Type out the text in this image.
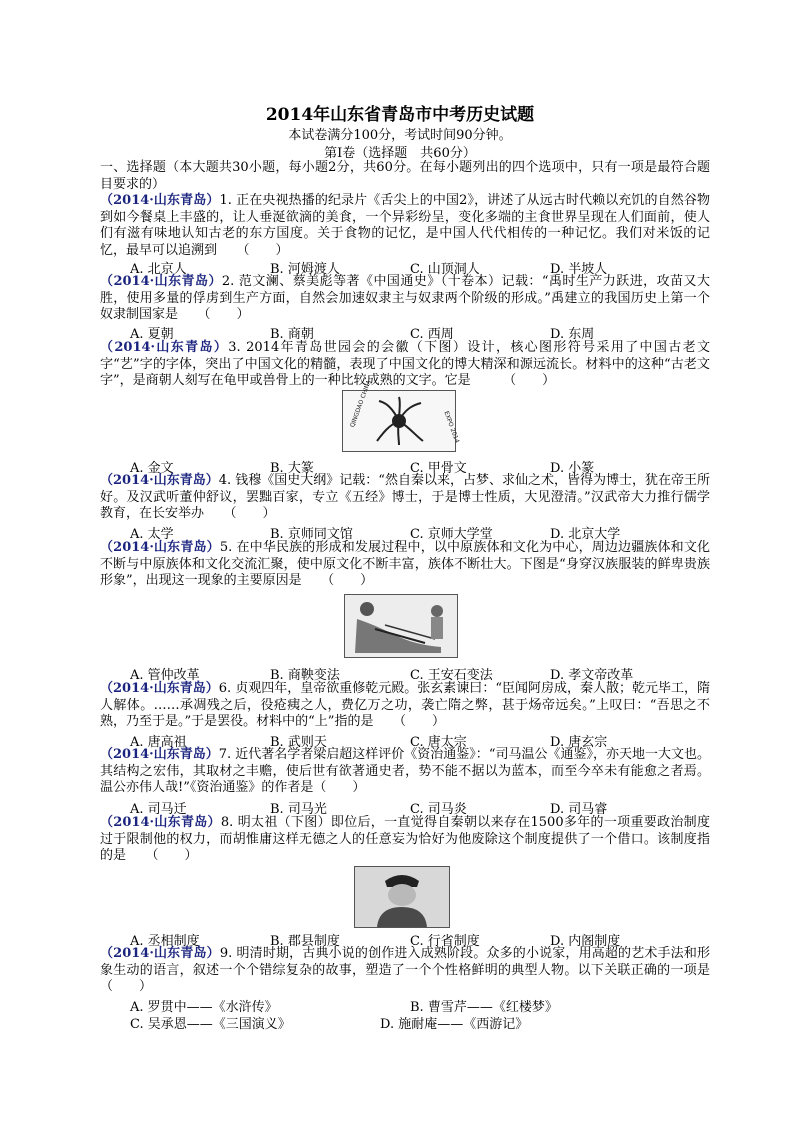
2014年山东省青岛市中考历史试题
本试卷满分100分，考试时间90分钟。
第Ⅰ卷（选择题　共60分）
一、选择题（本大题共30小题，每小题2分，共60分。在每小题列出的四个选项中，只有一项是最符合题目要求的）
（2014·山东青岛）1. 正在央视热播的纪录片《舌尖上的中国2》，讲述了从远古时代赖以充饥的自然谷物到如今餐桌上丰盛的，让人垂涎欲滴的美食，一个异彩纷呈，变化多端的主食世界呈现在人们面前，使人们有滋有味地认知古老的东方国度。关于食物的记忆，是中国人代代相传的一种记忆。我们对米饭的记忆，最早可以追溯到　　（　　）
A. 北京人	B. 河姆渡人	C. 山顶洞人	D. 半坡人
（2014·山东青岛）2. 范文澜、蔡美彪等著《中国通史》（十卷本）记载：“禹时生产力跃进，攻苗又大胜，使用多量的俘虏到生产方面，自然会加速奴隶主与奴隶两个阶级的形成。”禹建立的我国历史上第一个奴隶制国家是　　（　　）
A. 夏朝	B. 商朝	C. 西周	D. 东周
（2014·山东青岛）3. 2014年青岛世园会的会徽（下图）设计，核心图形符号采用了中国古老文字“艺”字的字体，突出了中国文化的精髓，表现了中国文化的博大精深和源远流长。材料中的这种“古老文字”，是商朝人刻写在龟甲或兽骨上的一种比较成熟的文字。它是　　　（　　）
QINGDAO CHINA	EXPO 2014
A. 金文	B. 大篆	C. 甲骨文	D. 小篆
（2014·山东青岛）4. 钱穆《国史大纲》记载：“然自秦以来，占梦、求仙之术，皆得为博士，犹在帝王所好。及汉武听董仲舒议，罢黜百家，专立《五经》博士，于是博士性质，大见澄清。”汉武帝大力推行儒学教育，在长安举办　　（　　）
A. 太学	B. 京师同文馆	C. 京师大学堂	D. 北京大学
（2014·山东青岛）5. 在中华民族的形成和发展过程中，以中原族体和文化为中心，周边边疆族体和文化不断与中原族体和文化交流汇聚，使中原文化不断丰富，族体不断壮大。下图是“身穿汉族服装的鲜卑贵族形象”，出现这一现象的主要原因是　　（　　）
A. 管仲改革	B. 商鞅变法	C. 王安石变法	D. 孝文帝改革
（2014·山东青岛）6. 贞观四年，皇帝欲重修乾元殿。张玄素谏曰：“臣闻阿房成，秦人散；乾元毕工，隋人解体。……承凋残之后，役疮痍之人，费亿万之功，袭亡隋之弊，甚于炀帝远矣。”上叹曰：“吾思之不熟，乃至于是。”于是罢役。材料中的“上”指的是　　（　　）
A. 唐高祖	B. 武则天	C. 唐太宗	D. 唐玄宗
（2014·山东青岛）7. 近代著名学者梁启超这样评价《资治通鉴》：“司马温公《通鉴》，亦天地一大文也。其结构之宏伟，其取材之丰赡，使后世有欲著通史者，势不能不据以为蓝本，而至今卒未有能愈之者焉。温公亦伟人哉!”《资治通鉴》的作者是（　　）
A. 司马迁	B. 司马光	C. 司马炎	D. 司马睿
（2014·山东青岛）8. 明太祖（下图）即位后，一直觉得自秦朝以来存在1500多年的一项重要政治制度过于限制他的权力，而胡惟庸这样无德之人的任意妄为恰好为他废除这个制度提供了一个借口。该制度指的是　　（　　）
A. 丞相制度	B. 郡县制度	C. 行省制度	D. 内阁制度
（2014·山东青岛）9. 明清时期，古典小说的创作进入成熟阶段。众多的小说家，用高超的艺术手法和形象生动的语言，叙述一个个错综复杂的故事，塑造了一个个性格鲜明的典型人物。以下关联正确的一项是（　　）
A. 罗贯中——《水浒传》	B. 曹雪芹——《红楼梦》
C. 吴承恩——《三国演义》	D. 施耐庵——《西游记》
